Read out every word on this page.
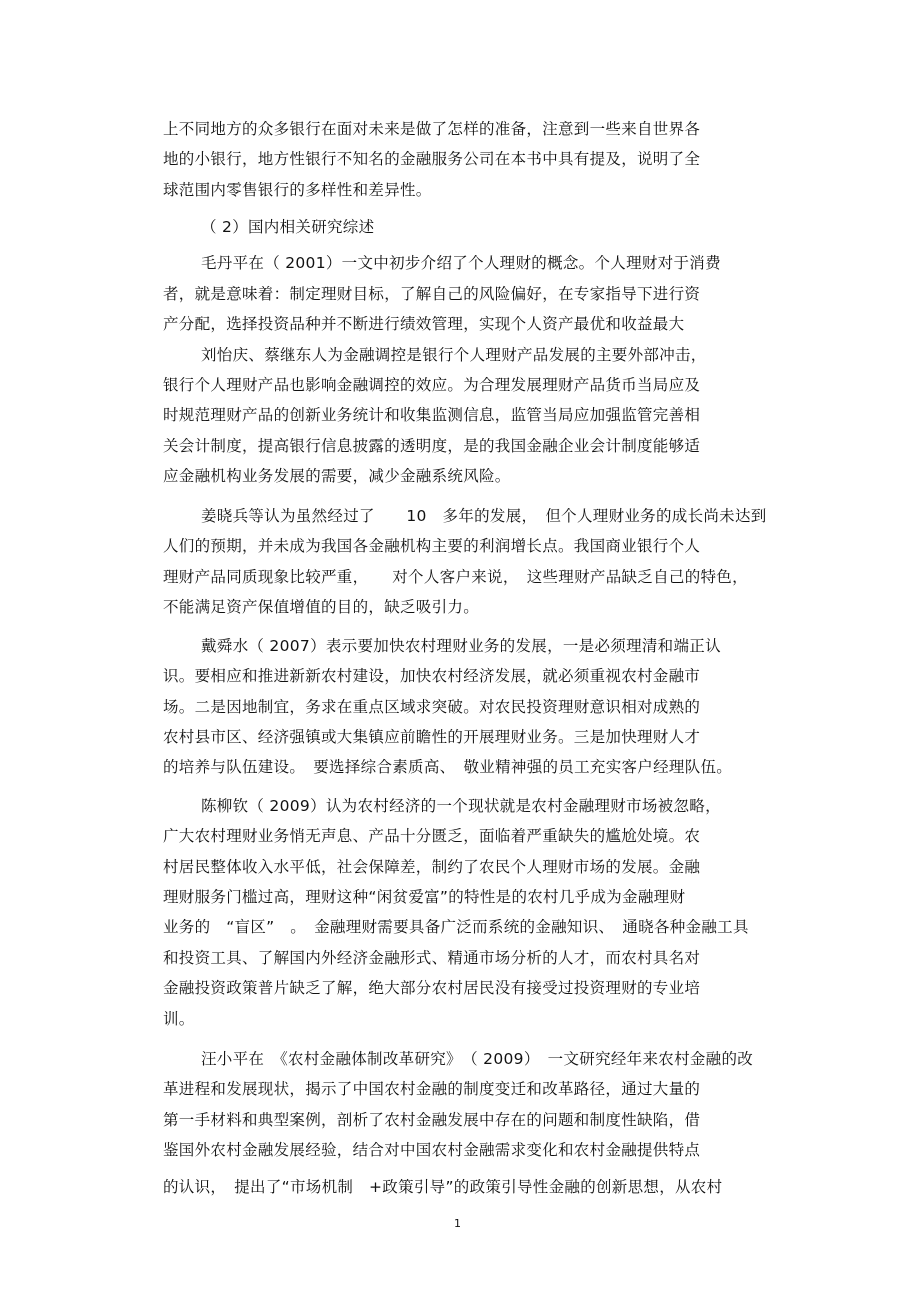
上不同地方的众多银行在面对未来是做了怎样的准备，注意到一些来自世界各
地的小银行，地方性银行不知名的金融服务公司在本书中具有提及，说明了全
球范围内零售银行的多样性和差异性。
（ 2）国内相关研究综述
毛丹平在（ 2001）一文中初步介绍了个人理财的概念。个人理财对于消费
者，就是意味着：制定理财目标，了解自己的风险偏好，在专家指导下进行资
产分配，选择投资品种并不断进行绩效管理，实现个人资产最优和收益最大
刘怡庆、蔡继东人为金融调控是银行个人理财产品发展的主要外部冲击，
银行个人理财产品也影响金融调控的效应。为合理发展理财产品货币当局应及
时规范理财产品的创新业务统计和收集监测信息，监管当局应加强监管完善相
关会计制度，提高银行信息披露的透明度，是的我国金融企业会计制度能够适
应金融机构业务发展的需要，减少金融系统风险。
姜晓兵等认为虽然经过了　　10　多年的发展，　但个人理财业务的成长尚未达到
人们的预期，并未成为我国各金融机构主要的利润增长点。我国商业银行个人
理财产品同质现象比较严重，　　对个人客户来说，　这些理财产品缺乏自己的特色，
不能满足资产保值增值的目的，缺乏吸引力。
戴舜水（ 2007）表示要加快农村理财业务的发展，一是必须理清和端正认
识。要相应和推进新新农村建设，加快农村经济发展，就必须重视农村金融市
场。二是因地制宜，务求在重点区域求突破。对农民投资理财意识相对成熟的
农村县市区、经济强镇或大集镇应前瞻性的开展理财业务。三是加快理财人才
的培养与队伍建设。　要选择综合素质高、　敬业精神强的员工充实客户经理队伍。
陈柳钦（ 2009）认为农村经济的一个现状就是农村金融理财市场被忽略，
广大农村理财业务悄无声息、产品十分匮乏，面临着严重缺失的尴尬处境。农
村居民整体收入水平低，社会保障差，制约了农民个人理财市场的发展。金融
理财服务门槛过高，理财这种“闲贫爱富”的特性是的农村几乎成为金融理财
业务的　“盲区”　。　金融理财需要具备广泛而系统的金融知识、　通晓各种金融工具
和投资工具、了解国内外经济金融形式、精通市场分析的人才，而农村具名对
金融投资政策普片缺乏了解，绝大部分农村居民没有接受过投资理财的专业培
训。
汪小平在　《农村金融体制改革研究》　（ 2009）　一文研究经年来农村金融的改
革进程和发展现状，揭示了中国农村金融的制度变迁和改革路径，通过大量的
第一手材料和典型案例，剖析了农村金融发展中存在的问题和制度性缺陷，借
鉴国外农村金融发展经验，结合对中国农村金融需求变化和农村金融提供特点
的认识，　提出了“市场机制　+政策引导”的政策引导性金融的创新思想，从农村
1
